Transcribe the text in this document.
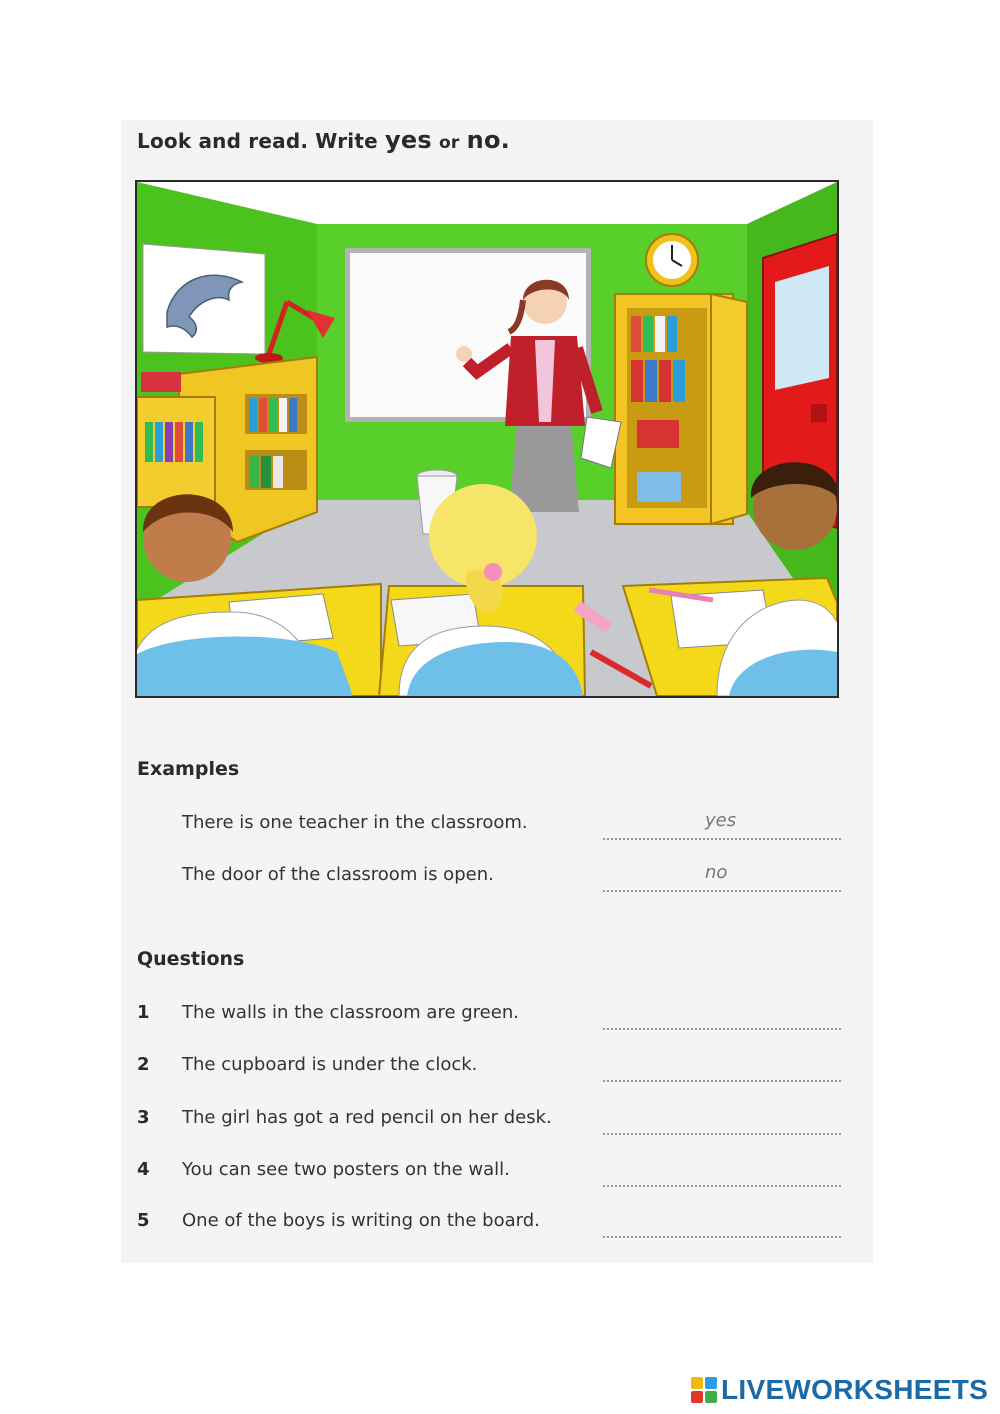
Look and read. Write yes or no.
Examples
There is one teacher in the classroom.	yes
The door of the classroom is open.	no
Questions
1 The walls in the classroom are green.
2 The cupboard is under the clock.
3 The girl has got a red pencil on her desk.
4 You can see two posters on the wall.
5 One of the boys is writing on the board.
LIVEWORKSHEETS
